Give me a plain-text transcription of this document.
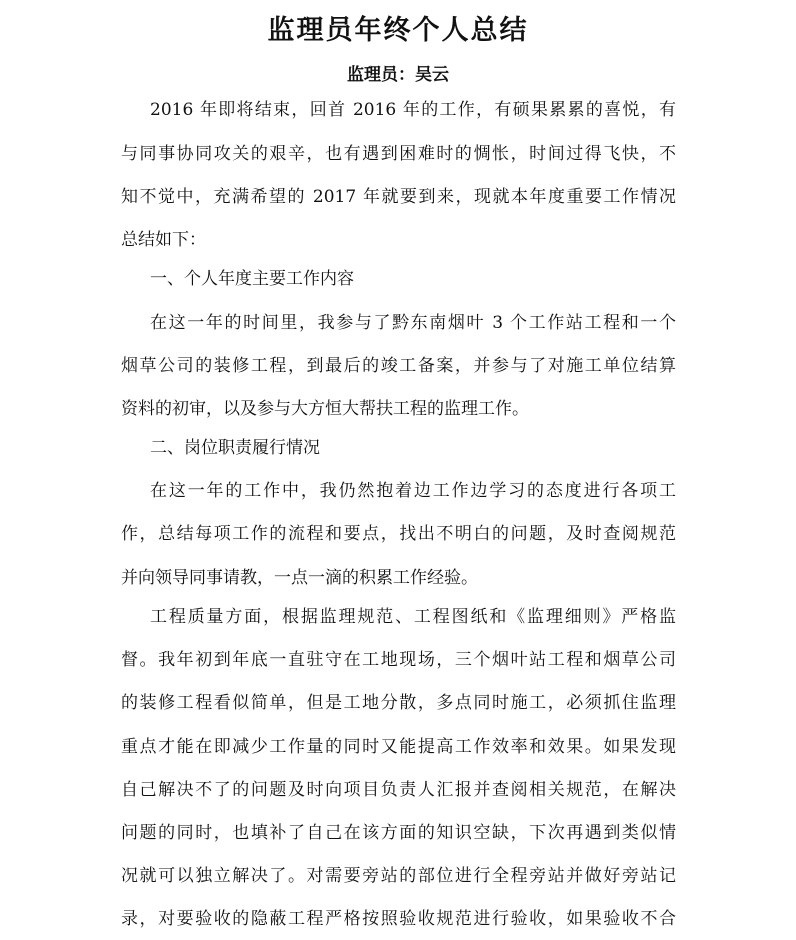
监理员年终个人总结
监理员：吴云
2016 年即将结束，回首 2016 年的工作，有硕果累累的喜悦，有
与同事协同攻关的艰辛，也有遇到困难时的惆怅，时间过得飞快，不
知不觉中，充满希望的 2017 年就要到来，现就本年度重要工作情况
总结如下：
一、个人年度主要工作内容
在这一年的时间里，我参与了黔东南烟叶 3 个工作站工程和一个
烟草公司的装修工程，到最后的竣工备案，并参与了对施工单位结算
资料的初审，以及参与大方恒大帮扶工程的监理工作。
二、岗位职责履行情况
在这一年的工作中，我仍然抱着边工作边学习的态度进行各项工
作，总结每项工作的流程和要点，找出不明白的问题，及时查阅规范
并向领导同事请教，一点一滴的积累工作经验。
工程质量方面，根据监理规范、工程图纸和《监理细则》严格监
督。我年初到年底一直驻守在工地现场，三个烟叶站工程和烟草公司
的装修工程看似简单，但是工地分散，多点同时施工，必须抓住监理
重点才能在即减少工作量的同时又能提高工作效率和效果。如果发现
自己解决不了的问题及时向项目负责人汇报并查阅相关规范，在解决
问题的同时，也填补了自己在该方面的知识空缺，下次再遇到类似情
况就可以独立解决了。对需要旁站的部位进行全程旁站并做好旁站记
录，对要验收的隐蔽工程严格按照验收规范进行验收，如果验收不合
